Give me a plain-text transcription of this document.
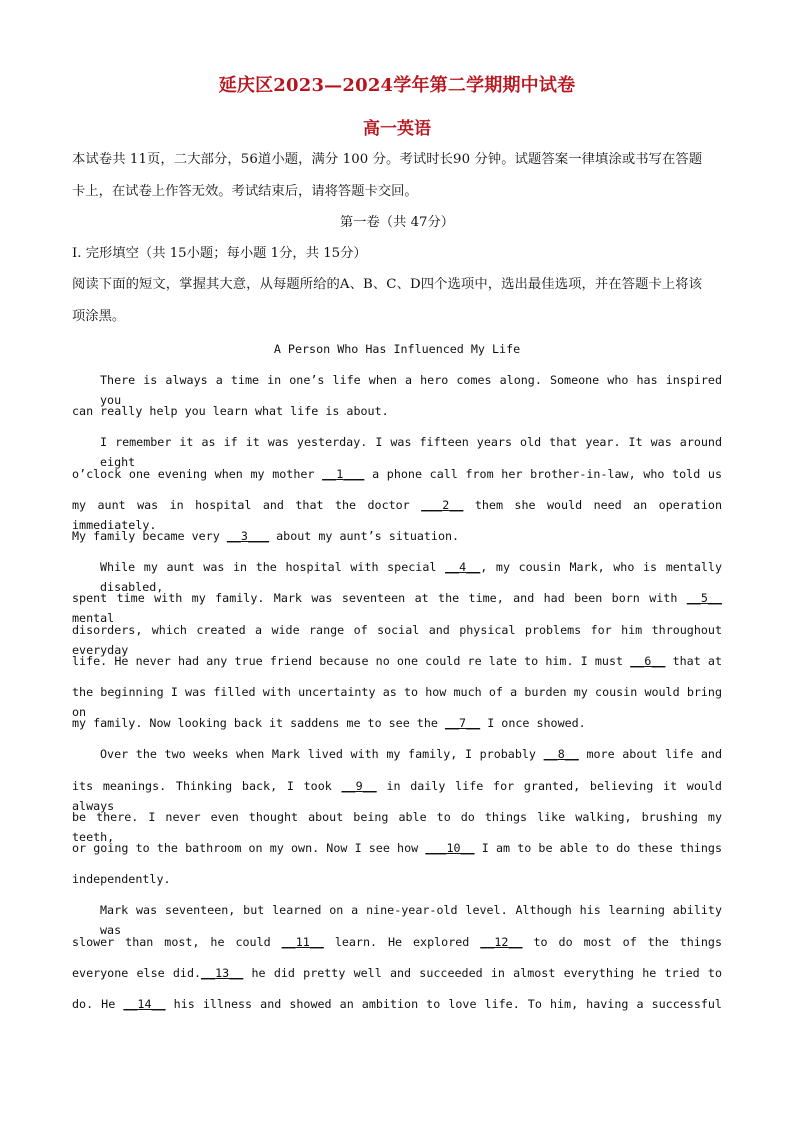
延庆区2023—2024学年第二学期期中试卷
高一英语
本试卷共 11页，二大部分，56道小题，满分 100 分。考试时长90 分钟。试题答案一律填涂或书写在答题
卡上，在试卷上作答无效。考试结束后，请将答题卡交回。
第一卷（共 47分）
Ⅰ. 完形填空（共 15小题；每小题 1分，共 15分）
阅读下面的短文，掌握其大意，从每题所给的A、B、C、D四个选项中，选出最佳选项，并在答题卡上将该
项涂黑。
A Person Who Has Influenced My Life
There is always a time in one’s life when a hero comes along. Someone who has inspired you
can really help you learn what life is about.
I remember it as if it was yesterday. I was fifteen years old that year. It was around eight
o’clock one evening when my mother __1___ a phone call from her brother-in-law, who told us
my aunt was in hospital and that the doctor ___2__ them she would need an operation immediately.
My family became very __3___ about my aunt’s situation.
While my aunt was in the hospital with special __4__, my cousin Mark, who is mentally disabled,
spent time with my family. Mark was seventeen at the time, and had been born with __5__ mental
disorders, which created a wide range of social and physical problems for him throughout everyday
life. He never had any true friend because no one could re late to him. I must __6__ that at
the beginning I was filled with uncertainty as to how much of a burden my cousin would bring on
my family. Now looking back it saddens me to see the __7__ I once showed.
Over the two weeks when Mark lived with my family, I probably __8__ more about life and
its meanings. Thinking back, I took __9__ in daily life for granted, believing it would always
be there. I never even thought about being able to do things like walking, brushing my teeth,
or going to the bathroom on my own. Now I see how ___10__ I am to be able to do these things
independently.
Mark was seventeen, but learned on a nine-year-old level. Although his learning ability was
slower than most, he could __11__ learn. He explored __12__ to do most of the things
everyone else did.__13__ he did pretty well and succeeded in almost everything he tried to
do. He __14__ his illness and showed an ambition to love life. To him, having a successful
